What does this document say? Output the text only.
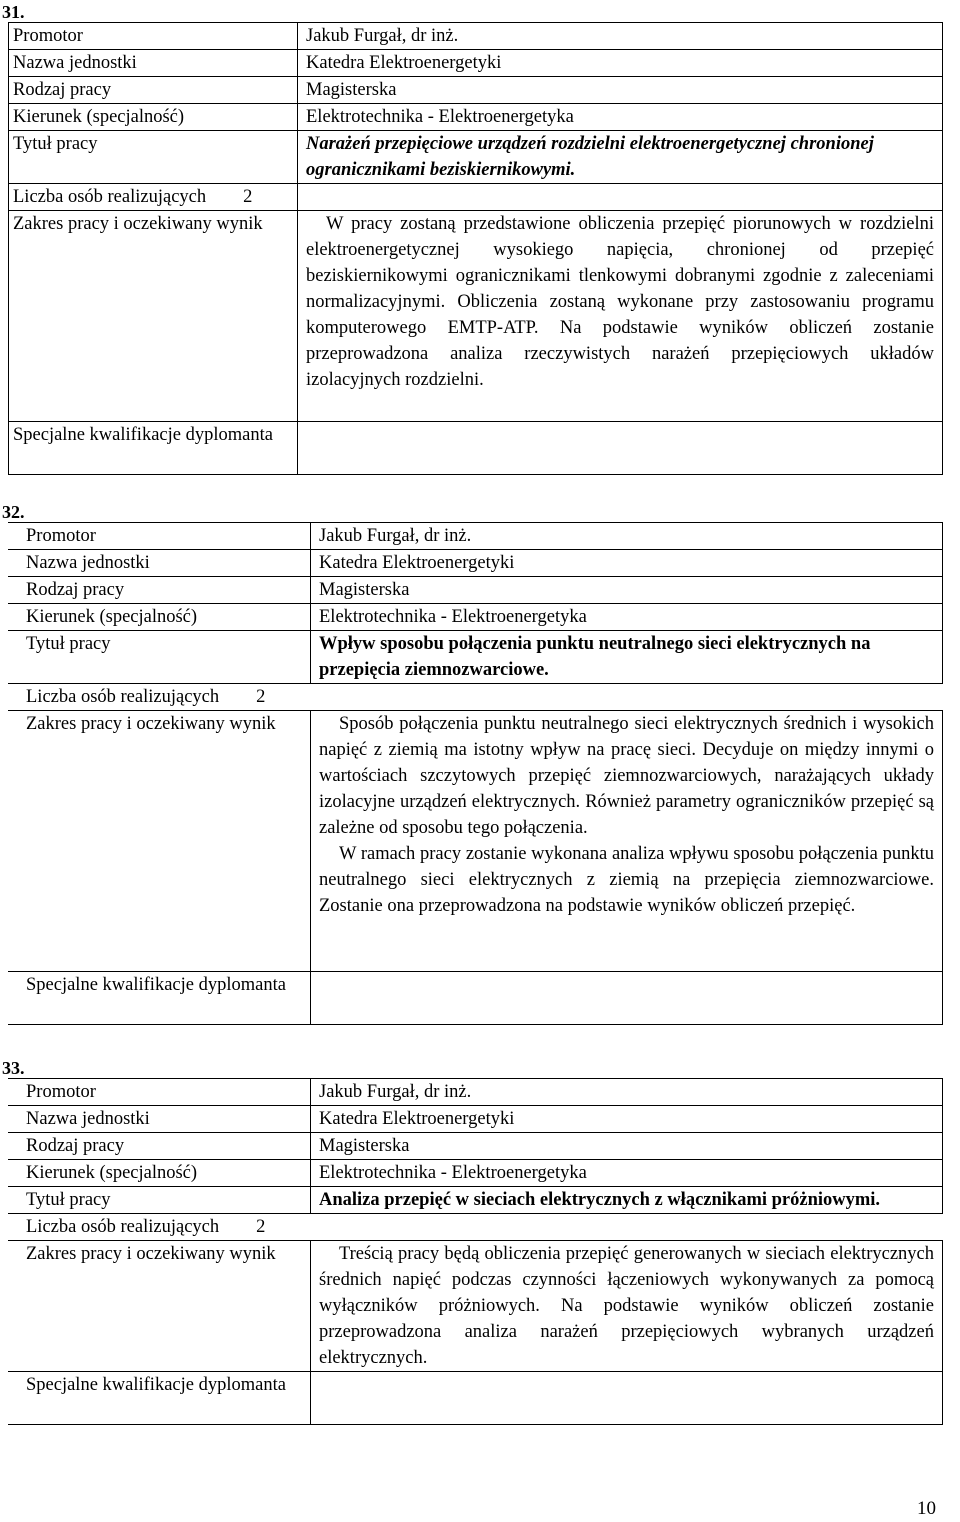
31.
Promotor	Jakub Furgał, dr inż.
Nazwa jednostki	Katedra Elektroenergetyki
Rodzaj pracy	Magisterska
Kierunek (specjalność)	Elektrotechnika - Elektroenergetyka
Tytuł pracy	Narażeń przepięciowe urządzeń rozdzielni elektroenergetycznej chronionej ogranicznikami beziskiernikowymi.
Liczba osób realizujących 2	
Zakres pracy i oczekiwany wynik	W pracy zostaną przedstawione obliczenia przepięć piorunowych w rozdzielni elektroenergetycznej wysokiego napięcia, chronionej od przepięć beziskiernikowymi ogranicznikami tlenkowymi dobranymi zgodnie z zaleceniami normalizacyjnymi. Obliczenia zostaną wykonane przy zastosowaniu programu komputerowego EMTP-ATP. Na podstawie wyników obliczeń zostanie przeprowadzona analiza rzeczywistych narażeń przepięciowych układów izolacyjnych rozdzielni.

Specjalne kwalifikacje dyplomanta	
32.
Promotor	Jakub Furgał, dr inż.
Nazwa jednostki	Katedra Elektroenergetyki
Rodzaj pracy	Magisterska
Kierunek (specjalność)	Elektrotechnika - Elektroenergetyka
Tytuł pracy	Wpływ sposobu połączenia punktu neutralnego sieci elektrycznych na przepięcia ziemnozwarciowe.
Liczba osób realizujących 2	
Zakres pracy i oczekiwany wynik	Sposób połączenia punktu neutralnego sieci elektrycznych średnich i wysokich napięć z ziemią ma istotny wpływ na pracę sieci. Decyduje on między innymi o wartościach szczytowych przepięć ziemnozwarciowych, narażających układy izolacyjne urządzeń elektrycznych. Również parametry ograniczników przepięć są zależne od sposobu tego połączenia.

W ramach pracy zostanie wykonana analiza wpływu sposobu połączenia punktu neutralnego sieci elektrycznych z ziemią na przepięcia ziemnozwarciowe. Zostanie ona przeprowadzona na podstawie wyników obliczeń przepięć.

Specjalne kwalifikacje dyplomanta	
33.
Promotor	Jakub Furgał, dr inż.
Nazwa jednostki	Katedra Elektroenergetyki
Rodzaj pracy	Magisterska
Kierunek (specjalność)	Elektrotechnika - Elektroenergetyka
Tytuł pracy	Analiza przepięć w sieciach elektrycznych z włącznikami próżniowymi.
Liczba osób realizujących 2	
Zakres pracy i oczekiwany wynik	Treścią pracy będą obliczenia przepięć generowanych w sieciach elektrycznych średnich napięć podczas czynności łączeniowych wykonywanych za pomocą wyłączników próżniowych. Na podstawie wyników obliczeń zostanie przeprowadzona analiza narażeń przepięciowych wybranych urządzeń elektrycznych.

Specjalne kwalifikacje dyplomanta	
10
